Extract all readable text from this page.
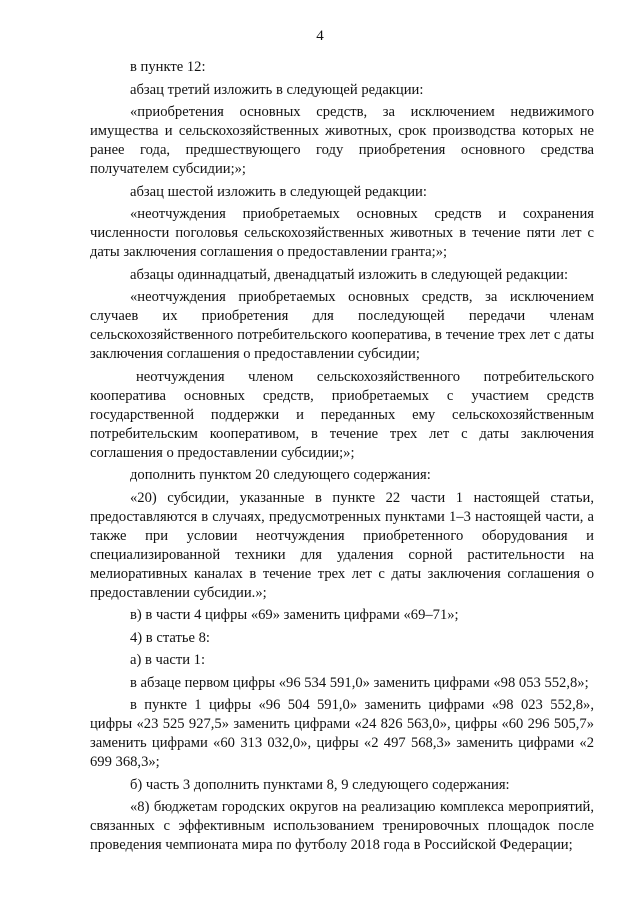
4

в пункте 12:

абзац третий изложить в следующей редакции:

«приобретения основных средств, за исключением недвижимого имущества и сельскохозяйственных животных, срок производства которых не ранее года, предшествующего году приобретения основного средства получателем субсидии;»;

абзац шестой изложить в следующей редакции:

«неотчуждения приобретаемых основных средств и сохранения численности поголовья сельскохозяйственных животных в течение пяти лет с даты заключения соглашения о предоставлении гранта;»;

абзацы одиннадцатый, двенадцатый изложить в следующей редакции:

«неотчуждения приобретаемых основных средств, за исключением случаев их приобретения для последующей передачи членам сельскохозяйственного потребительского кооператива, в течение трех лет с даты заключения соглашения о предоставлении субсидии;

неотчуждения членом сельскохозяйственного потребительского кооператива основных средств, приобретаемых с участием средств государственной поддержки и переданных ему сельскохозяйственным потребительским кооперативом, в течение трех лет с даты заключения соглашения о предоставлении субсидии;»;

дополнить пунктом 20 следующего содержания:

«20) субсидии, указанные в пункте 22 части 1 настоящей статьи, предоставляются в случаях, предусмотренных пунктами 1–3 настоящей части, а также при условии неотчуждения приобретенного оборудования и специализированной техники для удаления сорной растительности на мелиоративных каналах в течение трех лет с даты заключения соглашения о предоставлении субсидии.»;

в) в части 4 цифры «69» заменить цифрами «69–71»;

4) в статье 8:

а) в части 1:

в абзаце первом цифры «96 534 591,0» заменить цифрами «98 053 552,8»;

в пункте 1 цифры «96 504 591,0» заменить цифрами «98 023 552,8», цифры «23 525 927,5» заменить цифрами «24 826 563,0», цифры «60 296 505,7» заменить цифрами «60 313 032,0», цифры «2 497 568,3» заменить цифрами «2 699 368,3»;

б) часть 3 дополнить пунктами 8, 9 следующего содержания:

«8) бюджетам городских округов на реализацию комплекса мероприятий, связанных с эффективным использованием тренировочных площадок после проведения чемпионата мира по футболу 2018 года в Российской Федерации;
